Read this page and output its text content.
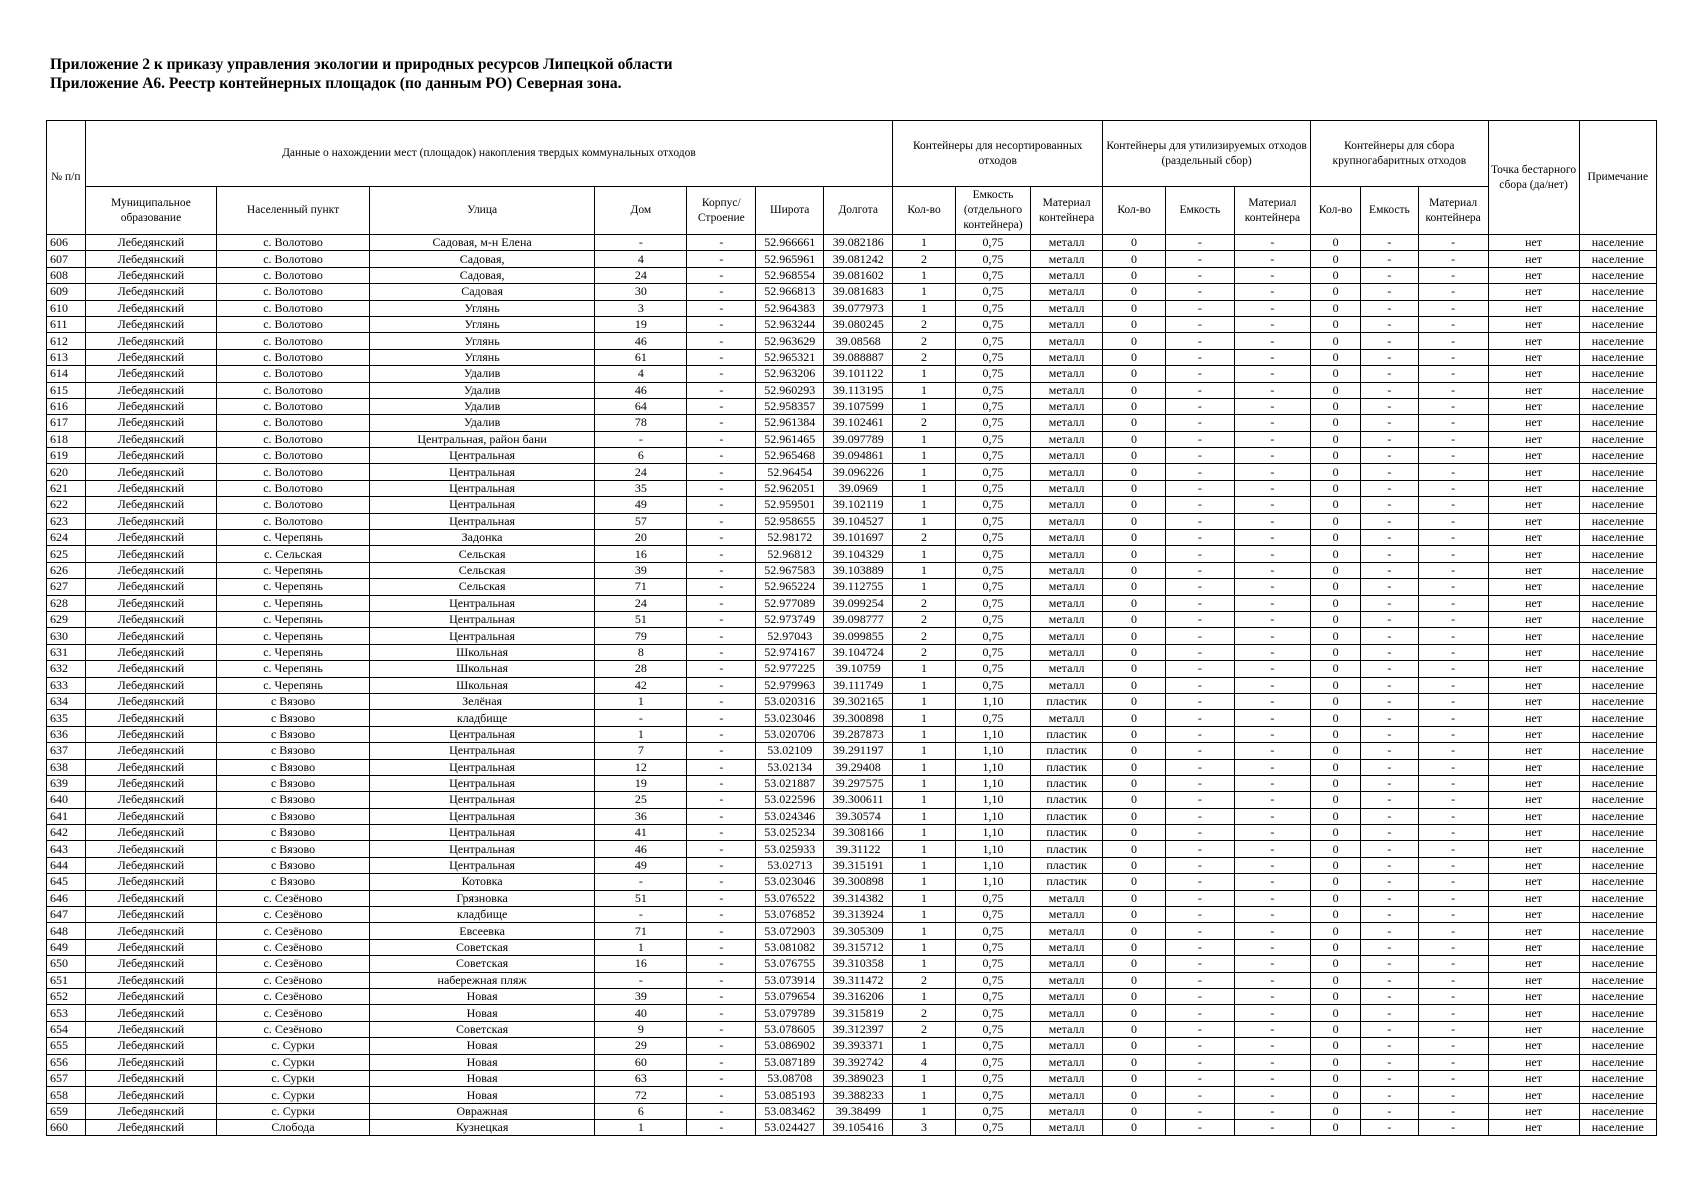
Приложение 2 к приказу управления экологии и природных ресурсов Липецкой области
Приложение А6. Реестр контейнерных площадок (по данным РО) Северная зона.
№ п/п	Данные о нахождении мест (площадок) накопления твердых коммунальных отходов							Контейнеры для несортированных отходов			Контейнеры для утилизируемых отходов (раздельный сбор)			Контейнеры для сбора крупногабаритных отходов			Точка бестарного сбора (да/нет)	Примечание
	Муниципальное образование	Населенный пункт	Улица	Дом	Корпус/ Строение	Широта	Долгота	Кол-во	Емкость (отдельного контейнера)	Материал контейнера	Кол-во	Емкость	Материал контейнера	Кол-во	Емкость	Материал контейнера		
606	Лебедянский	с. Волотово	Садовая, м-н Елена	-	-	52.966661	39.082186	1	0,75	металл	0	-	-	0	-	-	нет	население
607	Лебедянский	с. Волотово	Садовая,	4	-	52.965961	39.081242	2	0,75	металл	0	-	-	0	-	-	нет	население
608	Лебедянский	с. Волотово	Садовая,	24	-	52.968554	39.081602	1	0,75	металл	0	-	-	0	-	-	нет	население
609	Лебедянский	с. Волотово	Садовая	30	-	52.966813	39.081683	1	0,75	металл	0	-	-	0	-	-	нет	население
610	Лебедянский	с. Волотово	Углянь	3	-	52.964383	39.077973	1	0,75	металл	0	-	-	0	-	-	нет	население
611	Лебедянский	с. Волотово	Углянь	19	-	52.963244	39.080245	2	0,75	металл	0	-	-	0	-	-	нет	население
612	Лебедянский	с. Волотово	Углянь	46	-	52.963629	39.08568	2	0,75	металл	0	-	-	0	-	-	нет	население
613	Лебедянский	с. Волотово	Углянь	61	-	52.965321	39.088887	2	0,75	металл	0	-	-	0	-	-	нет	население
614	Лебедянский	с. Волотово	Удалив	4	-	52.963206	39.101122	1	0,75	металл	0	-	-	0	-	-	нет	население
615	Лебедянский	с. Волотово	Удалив	46	-	52.960293	39.113195	1	0,75	металл	0	-	-	0	-	-	нет	население
616	Лебедянский	с. Волотово	Удалив	64	-	52.958357	39.107599	1	0,75	металл	0	-	-	0	-	-	нет	население
617	Лебедянский	с. Волотово	Удалив	78	-	52.961384	39.102461	2	0,75	металл	0	-	-	0	-	-	нет	население
618	Лебедянский	с. Волотово	Центральная, район бани	-	-	52.961465	39.097789	1	0,75	металл	0	-	-	0	-	-	нет	население
619	Лебедянский	с. Волотово	Центральная	6	-	52.965468	39.094861	1	0,75	металл	0	-	-	0	-	-	нет	население
620	Лебедянский	с. Волотово	Центральная	24	-	52.96454	39.096226	1	0,75	металл	0	-	-	0	-	-	нет	население
621	Лебедянский	с. Волотово	Центральная	35	-	52.962051	39.0969	1	0,75	металл	0	-	-	0	-	-	нет	население
622	Лебедянский	с. Волотово	Центральная	49	-	52.959501	39.102119	1	0,75	металл	0	-	-	0	-	-	нет	население
623	Лебедянский	с. Волотово	Центральная	57	-	52.958655	39.104527	1	0,75	металл	0	-	-	0	-	-	нет	население
624	Лебедянский	с. Черепянь	Задонка	20	-	52.98172	39.101697	2	0,75	металл	0	-	-	0	-	-	нет	население
625	Лебедянский	с. Сельская	Сельская	16	-	52.96812	39.104329	1	0,75	металл	0	-	-	0	-	-	нет	население
626	Лебедянский	с. Черепянь	Сельская	39	-	52.967583	39.103889	1	0,75	металл	0	-	-	0	-	-	нет	население
627	Лебедянский	с. Черепянь	Сельская	71	-	52.965224	39.112755	1	0,75	металл	0	-	-	0	-	-	нет	население
628	Лебедянский	с. Черепянь	Центральная	24	-	52.977089	39.099254	2	0,75	металл	0	-	-	0	-	-	нет	население
629	Лебедянский	с. Черепянь	Центральная	51	-	52.973749	39.098777	2	0,75	металл	0	-	-	0	-	-	нет	население
630	Лебедянский	с. Черепянь	Центральная	79	-	52.97043	39.099855	2	0,75	металл	0	-	-	0	-	-	нет	население
631	Лебедянский	с. Черепянь	Школьная	8	-	52.974167	39.104724	2	0,75	металл	0	-	-	0	-	-	нет	население
632	Лебедянский	с. Черепянь	Школьная	28	-	52.977225	39.10759	1	0,75	металл	0	-	-	0	-	-	нет	население
633	Лебедянский	с. Черепянь	Школьная	42	-	52.979963	39.111749	1	0,75	металл	0	-	-	0	-	-	нет	население
634	Лебедянский	с Вязово	Зелёная	1	-	53.020316	39.302165	1	1,10	пластик	0	-	-	0	-	-	нет	население
635	Лебедянский	с Вязово	кладбище	-	-	53.023046	39.300898	1	0,75	металл	0	-	-	0	-	-	нет	население
636	Лебедянский	с Вязово	Центральная	1	-	53.020706	39.287873	1	1,10	пластик	0	-	-	0	-	-	нет	население
637	Лебедянский	с Вязово	Центральная	7	-	53.02109	39.291197	1	1,10	пластик	0	-	-	0	-	-	нет	население
638	Лебедянский	с Вязово	Центральная	12	-	53.02134	39.29408	1	1,10	пластик	0	-	-	0	-	-	нет	население
639	Лебедянский	с Вязово	Центральная	19	-	53.021887	39.297575	1	1,10	пластик	0	-	-	0	-	-	нет	население
640	Лебедянский	с Вязово	Центральная	25	-	53.022596	39.300611	1	1,10	пластик	0	-	-	0	-	-	нет	население
641	Лебедянский	с Вязово	Центральная	36	-	53.024346	39.30574	1	1,10	пластик	0	-	-	0	-	-	нет	население
642	Лебедянский	с Вязово	Центральная	41	-	53.025234	39.308166	1	1,10	пластик	0	-	-	0	-	-	нет	население
643	Лебедянский	с Вязово	Центральная	46	-	53.025933	39.31122	1	1,10	пластик	0	-	-	0	-	-	нет	население
644	Лебедянский	с Вязово	Центральная	49	-	53.02713	39.315191	1	1,10	пластик	0	-	-	0	-	-	нет	население
645	Лебедянский	с Вязово	Котовка	-	-	53.023046	39.300898	1	1,10	пластик	0	-	-	0	-	-	нет	население
646	Лебедянский	с. Сезёново	Грязновка	51	-	53.076522	39.314382	1	0,75	металл	0	-	-	0	-	-	нет	население
647	Лебедянский	с. Сезёново	кладбище	-	-	53.076852	39.313924	1	0,75	металл	0	-	-	0	-	-	нет	население
648	Лебедянский	с. Сезёново	Евсеевка	71	-	53.072903	39.305309	1	0,75	металл	0	-	-	0	-	-	нет	население
649	Лебедянский	с. Сезёново	Советская	1	-	53.081082	39.315712	1	0,75	металл	0	-	-	0	-	-	нет	население
650	Лебедянский	с. Сезёново	Советская	16	-	53.076755	39.310358	1	0,75	металл	0	-	-	0	-	-	нет	население
651	Лебедянский	с. Сезёново	набережная пляж	-	-	53.073914	39.311472	2	0,75	металл	0	-	-	0	-	-	нет	население
652	Лебедянский	с. Сезёново	Новая	39	-	53.079654	39.316206	1	0,75	металл	0	-	-	0	-	-	нет	население
653	Лебедянский	с. Сезёново	Новая	40	-	53.079789	39.315819	2	0,75	металл	0	-	-	0	-	-	нет	население
654	Лебедянский	с. Сезёново	Советская	9	-	53.078605	39.312397	2	0,75	металл	0	-	-	0	-	-	нет	население
655	Лебедянский	с. Сурки	Новая	29	-	53.086902	39.393371	1	0,75	металл	0	-	-	0	-	-	нет	население
656	Лебедянский	с. Сурки	Новая	60	-	53.087189	39.392742	4	0,75	металл	0	-	-	0	-	-	нет	население
657	Лебедянский	с. Сурки	Новая	63	-	53.08708	39.389023	1	0,75	металл	0	-	-	0	-	-	нет	население
658	Лебедянский	с. Сурки	Новая	72	-	53.085193	39.388233	1	0,75	металл	0	-	-	0	-	-	нет	население
659	Лебедянский	с. Сурки	Овражная	6	-	53.083462	39.38499	1	0,75	металл	0	-	-	0	-	-	нет	население
660	Лебедянский	Слобода	Кузнецкая	1	-	53.024427	39.105416	3	0,75	металл	0	-	-	0	-	-	нет	население
